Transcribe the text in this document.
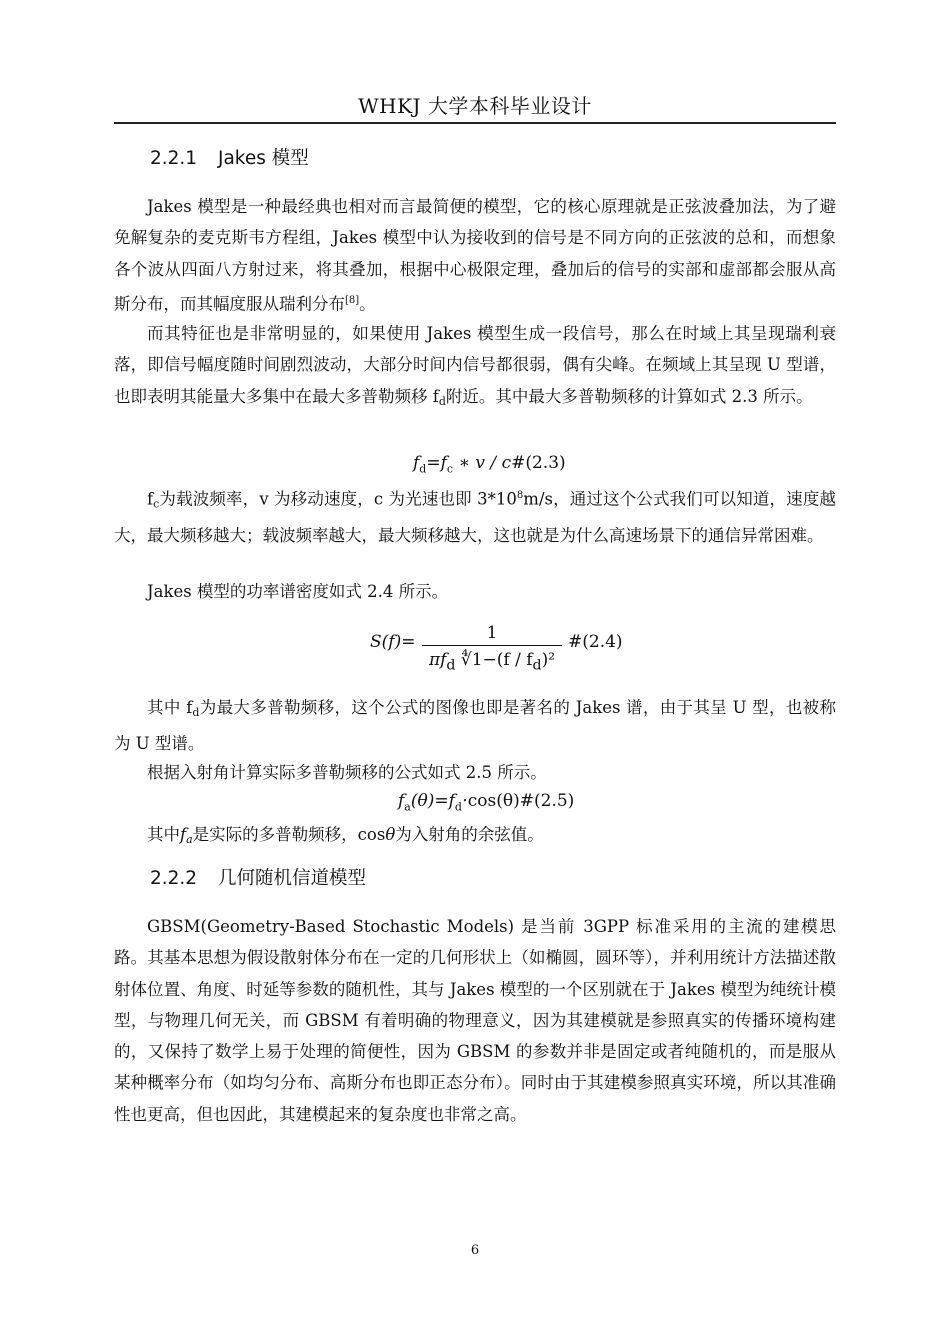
WHKJ 大学本科毕业设计
2.2.1 Jakes 模型

Jakes 模型是一种最经典也相对而言最简便的模型，它的核心原理就是正弦波叠加法，为了避免解复杂的麦克斯韦方程组，Jakes 模型中认为接收到的信号是不同方向的正弦波的总和，而想象各个波从四面八方射过来，将其叠加，根据中心极限定理，叠加后的信号的实部和虚部都会服从高斯分布，而其幅度服从瑞利分布[8]。

而其特征也是非常明显的，如果使用 Jakes 模型生成一段信号，那么在时域上其呈现瑞利衰落，即信号幅度随时间剧烈波动，大部分时间内信号都很弱，偶有尖峰。在频域上其呈现 U 型谱，也即表明其能量大多集中在最大多普勒频移 $f_d$附近。其中最大多普勒频移的计算如式 2.3 所示。

$f_d=f_c$ ∗ v ∕ c#(2.3)

$f_c$为载波频率，v 为移动速度，c 为光速也即 $3*10^8m/s$，通过这个公式我们可以知道，速度越大，最大频移越大；载波频率越大，最大频移越大，这也就是为什么高速场景下的通信异常困难。

Jakes 模型的功率谱密度如式 2.4 所示。

S(f)=	1
$\pi f_d$ ∜1−(f ∕ $f_d)^2$
#(2.4)

其中 $f_d$为最大多普勒频移，这个公式的图像也即是著名的 Jakes 谱，由于其呈 U 型，也被称为 U 型谱。

根据入射角计算实际多普勒频移的公式如式 2.5 所示。

$f_a(\theta)=f_d\cdot\cos(\theta)\#(2.5)$

其中$f_a$是实际的多普勒频移，cosθ为入射角的余弦值。

2.2.2 几何随机信道模型

GBSM(Geometry-Based Stochastic Models) 是当前 3GPP 标准采用的主流的建模思路。其基本思想为假设散射体分布在一定的几何形状上（如椭圆，圆环等），并利用统计方法描述散射体位置、角度、时延等参数的随机性，其与 Jakes 模型的一个区别就在于 Jakes 模型为纯统计模型，与物理几何无关，而 GBSM 有着明确的物理意义，因为其建模就是参照真实的传播环境构建的，又保持了数学上易于处理的简便性，因为 GBSM 的参数并非是固定或者纯随机的，而是服从某种概率分布（如均匀分布、高斯分布也即正态分布）。同时由于其建模参照真实环境，所以其准确性也更高，但也因此，其建模起来的复杂度也非常之高。

6
